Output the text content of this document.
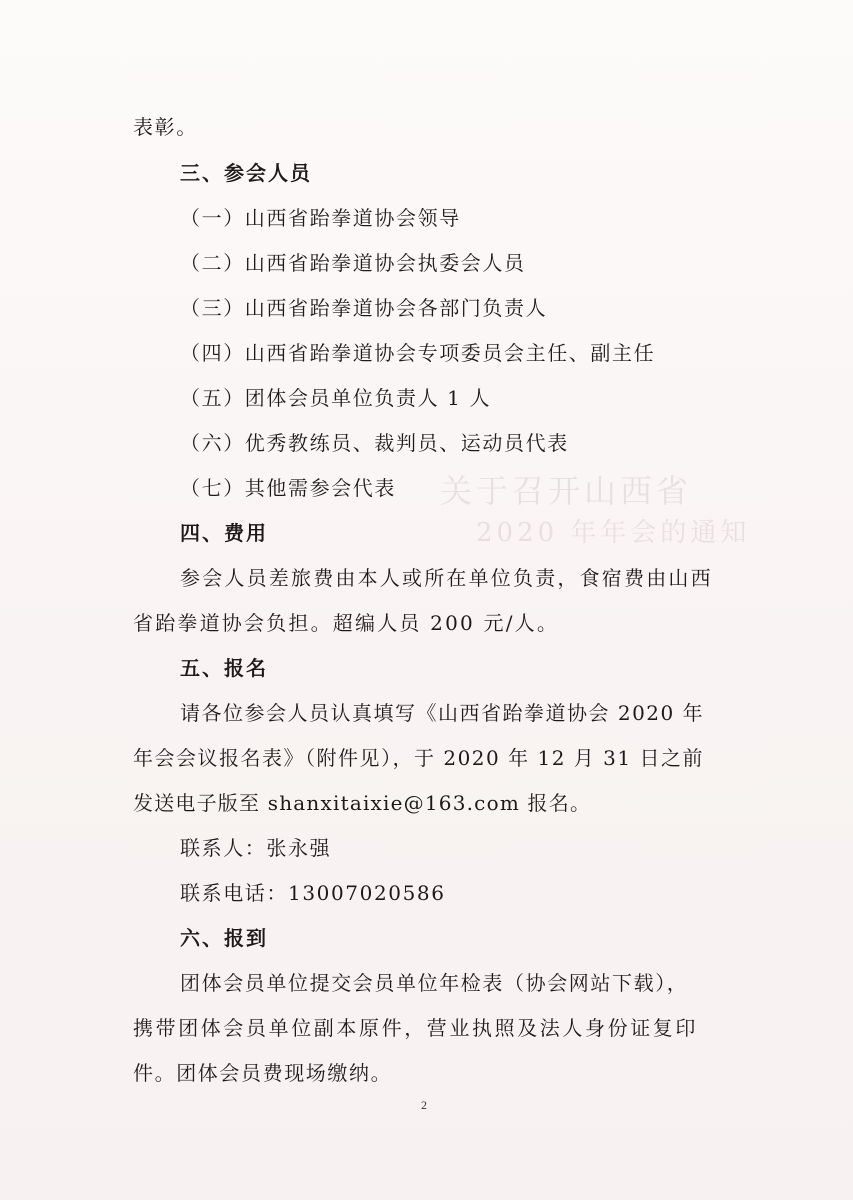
关于召开山西省
2020 年年会的通知
表彰。
三、参会人员
（一）山西省跆拳道协会领导
（二）山西省跆拳道协会执委会人员
（三）山西省跆拳道协会各部门负责人
（四）山西省跆拳道协会专项委员会主任、副主任
（五）团体会员单位负责人 1 人
（六）优秀教练员、裁判员、运动员代表
（七）其他需参会代表
四、费用
参会人员差旅费由本人或所在单位负责，食宿费由山西
省跆拳道协会负担。超编人员 200 元/人。
五、报名
请各位参会人员认真填写《山西省跆拳道协会 2020 年
年会会议报名表》（附件见），于 2020 年 12 月 31 日之前
发送电子版至 shanxitaixie@163.com 报名。
联系人：张永强
联系电话：13007020586
六、报到
团体会员单位提交会员单位年检表（协会网站下载），
携带团体会员单位副本原件，营业执照及法人身份证复印
件。团体会员费现场缴纳。
2
